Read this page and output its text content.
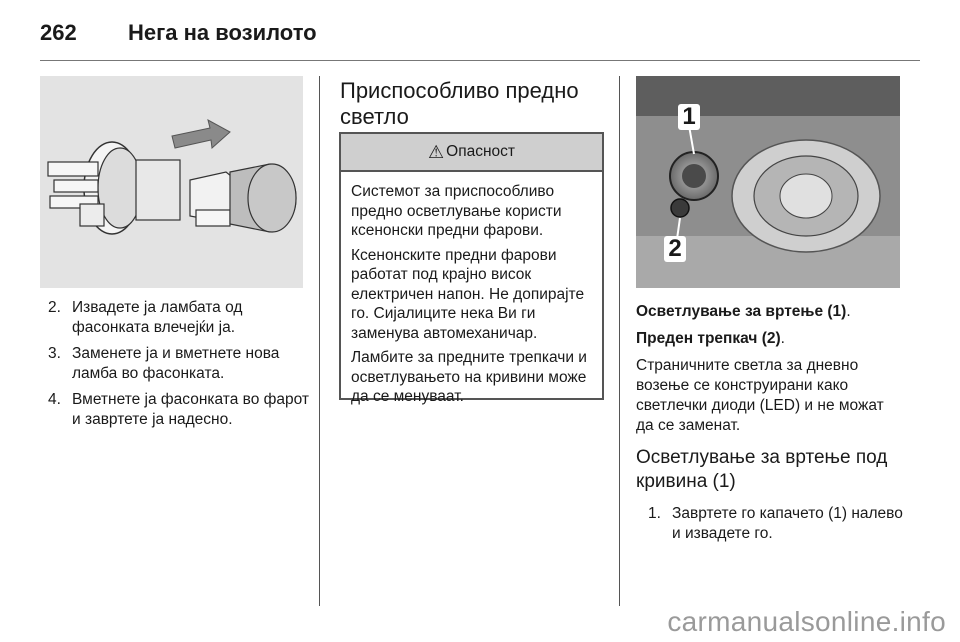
262 Нега на возилото
2. Извадете ја ламбата од фасонката влечејќи ја.
3. Заменете ја и вметнете нова ламба во фасонката.
4. Вметнете ја фасонката во фарот и завртете ја надесно.
Приспособливо предно светло
⚠ Опасност

Системот за приспособливо предно осветлување користи ксенонски предни фарови.

Ксенонските предни фарови работат под крајно висок електричен напон. Не допирајте го. Сијалиците нека Ви ги заменува автомеханичар.

Ламбите за предните трепкачи и осветлувањето на кривини може да се менуваат.

1
2

Осветлување за вртење (1).

Преден трепкач (2).

Страничните светла за дневно возење се конструирани како светлечки диоди (LED) и не можат да се заменат.

Осветлување за вртење под кривина (1)
1. Завртете го капачето (1) налево и извадете го.
carmanualsonline.info
